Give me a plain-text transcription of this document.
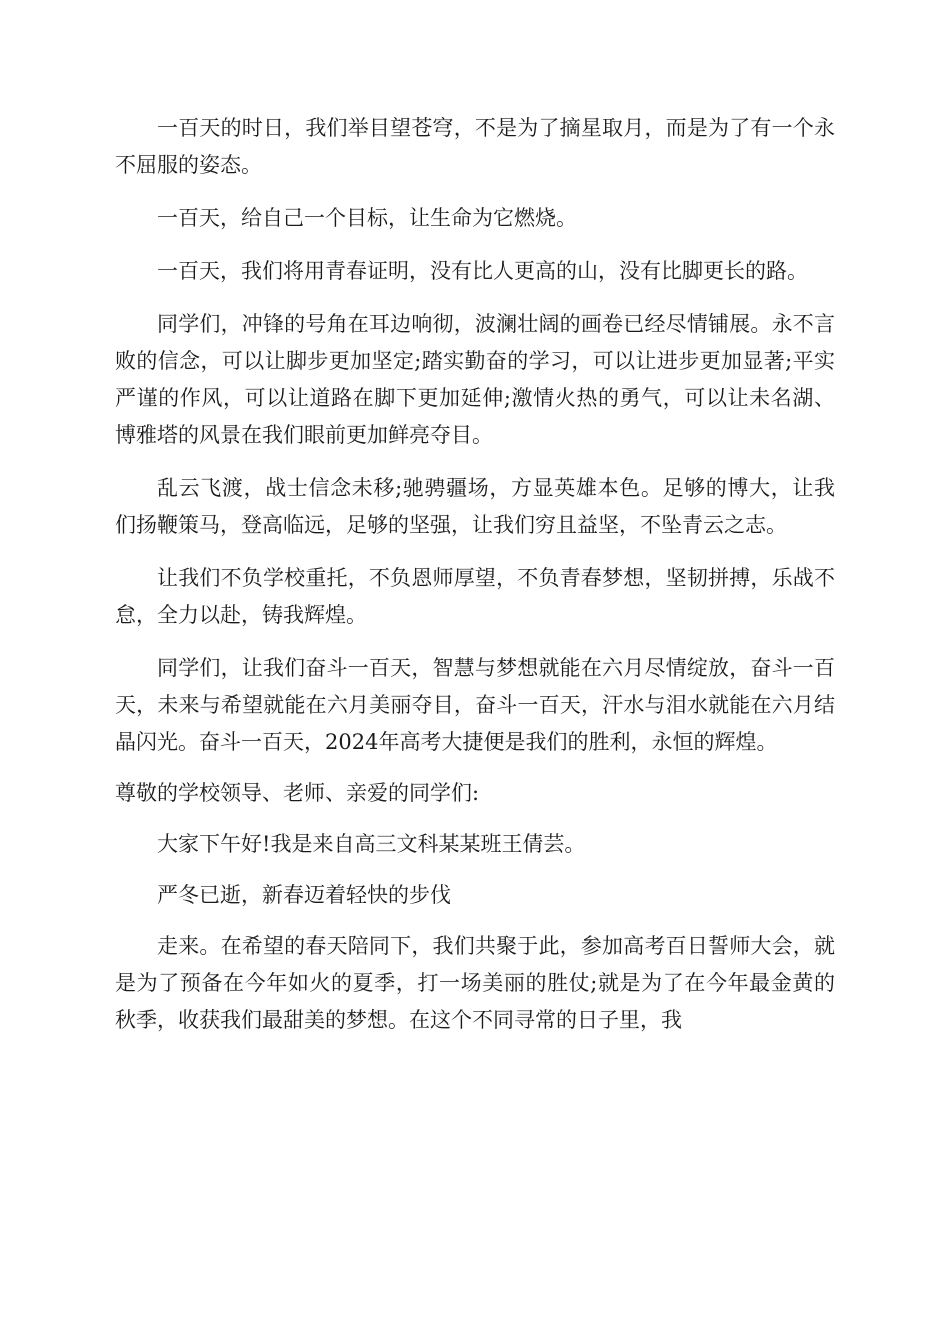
一百天的时日，我们举目望苍穹，不是为了摘星取月，而是为了有一个永不屈服的姿态。

一百天，给自己一个目标，让生命为它燃烧。

一百天，我们将用青春证明，没有比人更高的山，没有比脚更长的路。

同学们，冲锋的号角在耳边响彻，波澜壮阔的画卷已经尽情铺展。永不言败的信念，可以让脚步更加坚定;踏实勤奋的学习，可以让进步更加显著;平实严谨的作风，可以让道路在脚下更加延伸;激情火热的勇气，可以让未名湖、博雅塔的风景在我们眼前更加鲜亮夺目。

乱云飞渡，战士信念未移;驰骋疆场，方显英雄本色。足够的博大，让我们扬鞭策马，登高临远，足够的坚强，让我们穷且益坚，不坠青云之志。

让我们不负学校重托，不负恩师厚望，不负青春梦想，坚韧拼搏，乐战不怠，全力以赴，铸我辉煌。

同学们，让我们奋斗一百天，智慧与梦想就能在六月尽情绽放，奋斗一百天，未来与希望就能在六月美丽夺目，奋斗一百天，汗水与泪水就能在六月结晶闪光。奋斗一百天，2024年高考大捷便是我们的胜利，永恒的辉煌。

尊敬的学校领导、老师、亲爱的同学们:

大家下午好!我是来自高三文科某某班王倩芸。

严冬已逝，新春迈着轻快的步伐

走来。在希望的春天陪同下，我们共聚于此，参加高考百日誓师大会，就是为了预备在今年如火的夏季，打一场美丽的胜仗;就是为了在今年最金黄的秋季，收获我们最甜美的梦想。在这个不同寻常的日子里，我
